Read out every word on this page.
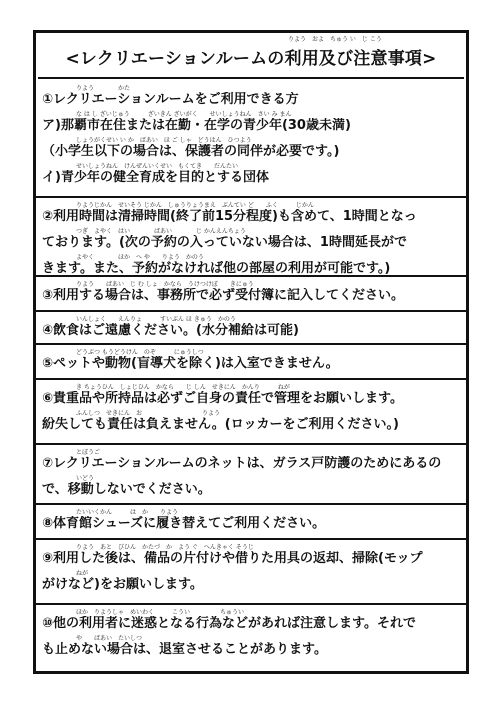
りよう　およ　ちゅう い　じ こう
<レクリエーションルームの利用及び注意事項>
りよう　　　　かた
①レクリエーションルームをご利用できる方
な は し ざいじゅう　　　ざいきん ざいがく　　せいしょうねん　さい み まん
ア)那覇市在住または在勤・在学の青少年(30歳未満)
しょうがくせい い か　ばあい　ほ ご しゃ　どうはん　ひつよう
（小学生以下の場合は、保護者の同伴が必要です。)
せいしょうねん　けんぜんいくせい　もくてき　　だんたい
イ)青少年の健全育成を目的とする団体
りようじかん　せいそう じかん　しゅうりょうまえ　ぶんてい ど　　ふく　　　じかん
②利用時間は清掃時間(終了前15分程度)も含めて、1時間となっ
つぎ　よやく　はい　　　　ばあい　　　　じ かんえんちょう
ております。(次の予約の入っていない場合は、1時間延長がで
よやく　　　　ほか　へ や　　りよう　かのう
きます。また、予約がなければ他の部屋の利用が可能です。)
りよう　　ばあい　じ む しょ　かなら　うけつけぼ　　きにゅう
③利用する場合は、事務所で必ず受付簿に記入してください。
いんしょく　　えんりょ　　　すいぶん ほ きゅう　かのう
④飲食はご遠慮ください。(水分補給は可能)
どうぶつ もうどうけん　のぞ　　　にゅうしつ
⑤ペットや動物(盲導犬を除く)は入室できません。
き ちょうひん　しょじひん　かなら　　じ しん　せきにん　かんり　　　ねが
⑥貴重品や所持品は必ずご自身の責任で管理をお願いします。
ふんしつ　せきにん　お　　　　　　　　　　りよう
紛失しても責任は負えません。(ロッカーをご利用ください。)
とぼうご
⑦レクリエーションルームのネットは、ガラス戸防護のためにあるの
いどう
で、移動しないでください。
たいいくかん　　　は　か　　りよう
⑧体育館シューズに履き替えてご利用ください。
りよう　あと　びひん　かたづ　か　よう ぐ　へんきゃく そうじ
⑨利用した後は、備品の片付けや借りた用具の返却、掃除(モップ
ねが
がけなど)をお願いします。
ほか　りようしゃ　めいわく　　　こうい　　　　　ちゅうい
⑩他の利用者に迷惑となる行為などがあれば注意します。それで
や　　ばあい　たいしつ
も止めない場合は、退室させることがあります。
